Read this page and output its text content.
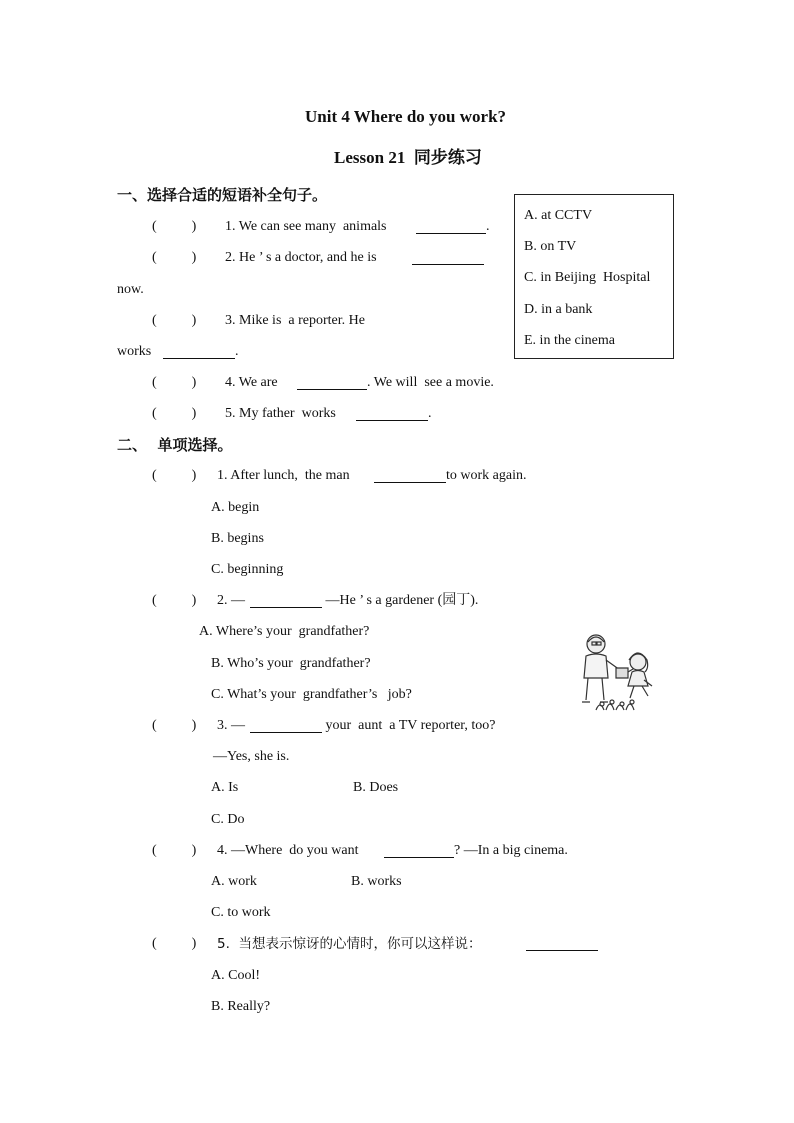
Unit 4 Where do you work?
Lesson 21  同步练习
一、选择合适的短语补全句子。
A. at CCTV
B. on TV
C. in Beijing  Hospital
D. in a bank
E. in the cinema
(          ) 1. We can see many  animals	.
(          ) 2. He ’ s a doctor, and he is
now.
(          ) 3. Mike is  a reporter. He
works	.
(          ) 4. We are	. We will  see a movie.
(          ) 5. My father  works	.
二、  单项选择。
(          ) 1. After lunch,  the man	to work again.
A. begin
B. begins
C. beginning
(          ) 2. —	—He ’ s a gardener (园丁).
A. Where’s your  grandfather?
B. Who’s your  grandfather?
C. What’s your  grandfather’s   job?
(          ) 3. —	your  aunt  a TV reporter, too?
—Yes, she is.
A. Is	B. Does
C. Do
(          ) 4. —Where  do you want	? —In a big cinema.
A. work	B. works
C. to work
(          ) 5.  当想表示惊讶的心情时，你可以这样说：
A. Cool!
B. Really?
